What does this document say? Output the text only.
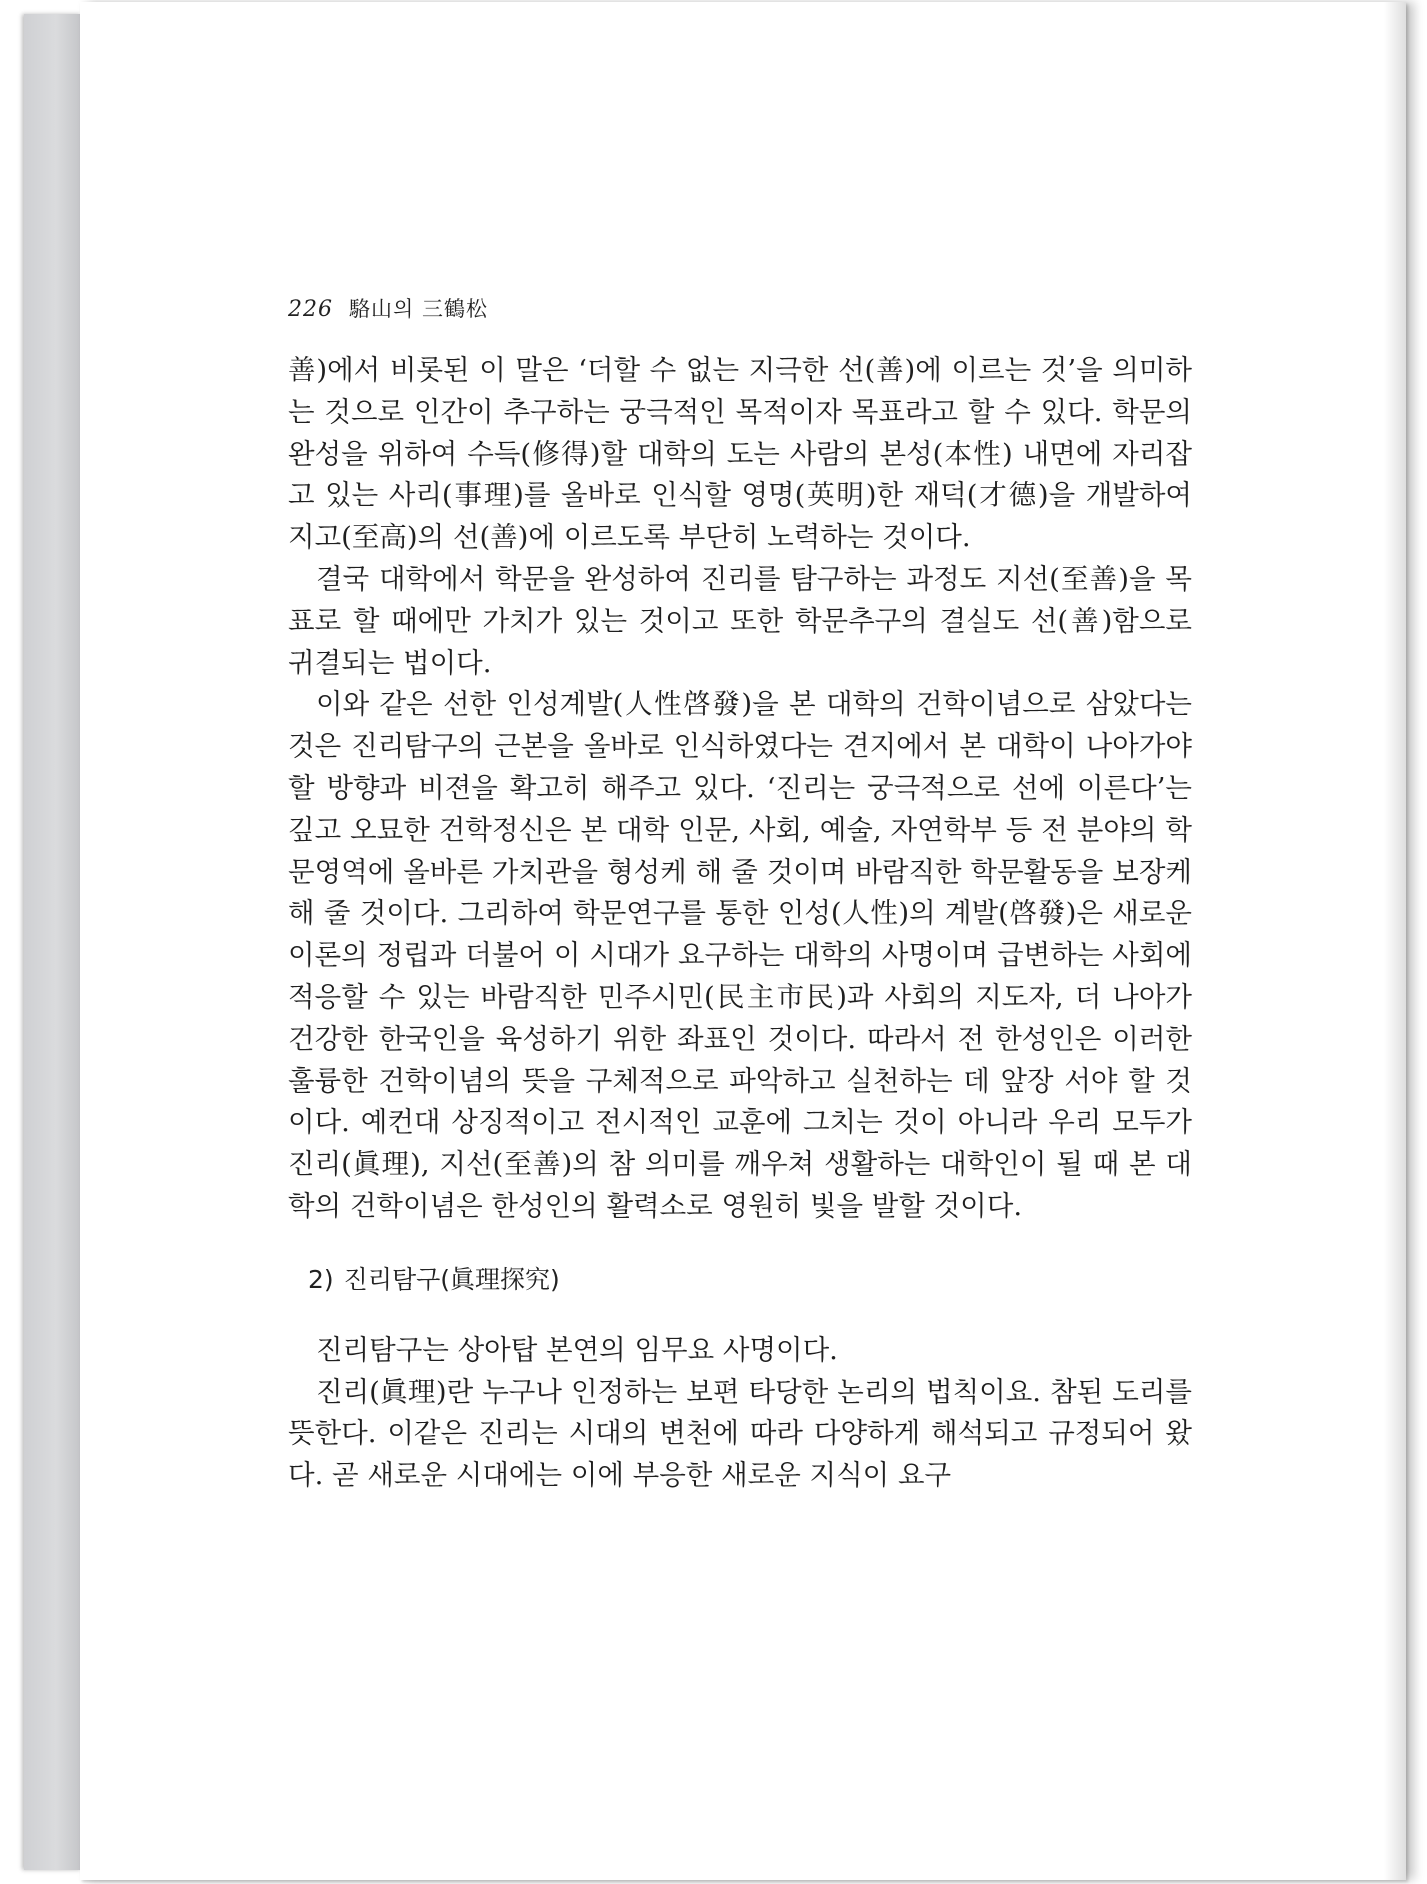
226 駱山의 三鶴松

善)에서 비롯된 이 말은 ‘더할 수 없는 지극한 선(善)에 이르는 것’을 의미하는 것으로 인간이 추구하는 궁극적인 목적이자 목표라고 할 수 있다. 학문의 완성을 위하여 수득(修得)할 대학의 도는 사람의 본성(本性) 내면에 자리잡고 있는 사리(事理)를 올바로 인식할 영명(英明)한 재덕(才德)을 개발하여 지고(至高)의 선(善)에 이르도록 부단히 노력하는 것이다.

결국 대학에서 학문을 완성하여 진리를 탐구하는 과정도 지선(至善)을 목표로 할 때에만 가치가 있는 것이고 또한 학문추구의 결실도 선(善)함으로 귀결되는 법이다.

이와 같은 선한 인성계발(人性啓發)을 본 대학의 건학이념으로 삼았다는 것은 진리탐구의 근본을 올바로 인식하였다는 견지에서 본 대학이 나아가야 할 방향과 비젼을 확고히 해주고 있다. ‘진리는 궁극적으로 선에 이른다’는 깊고 오묘한 건학정신은 본 대학 인문, 사회, 예술, 자연학부 등 전 분야의 학문영역에 올바른 가치관을 형성케 해 줄 것이며 바람직한 학문활동을 보장케 해 줄 것이다. 그리하여 학문연구를 통한 인성(人性)의 계발(啓發)은 새로운 이론의 정립과 더불어 이 시대가 요구하는 대학의 사명이며 급변하는 사회에 적응할 수 있는 바람직한 민주시민(民主市民)과 사회의 지도자, 더 나아가 건강한 한국인을 육성하기 위한 좌표인 것이다. 따라서 전 한성인은 이러한 훌륭한 건학이념의 뜻을 구체적으로 파악하고 실천하는 데 앞장 서야 할 것이다. 예컨대 상징적이고 전시적인 교훈에 그치는 것이 아니라 우리 모두가 진리(眞理), 지선(至善)의 참 의미를 깨우쳐 생활하는 대학인이 될 때 본 대학의 건학이념은 한성인의 활력소로 영원히 빛을 발할 것이다.

2) 진리탐구(眞理探究)

진리탐구는 상아탑 본연의 임무요 사명이다.

진리(眞理)란 누구나 인정하는 보편 타당한 논리의 법칙이요. 참된 도리를 뜻한다. 이같은 진리는 시대의 변천에 따라 다양하게 해석되고 규정되어 왔다. 곧 새로운 시대에는 이에 부응한 새로운 지식이 요구
